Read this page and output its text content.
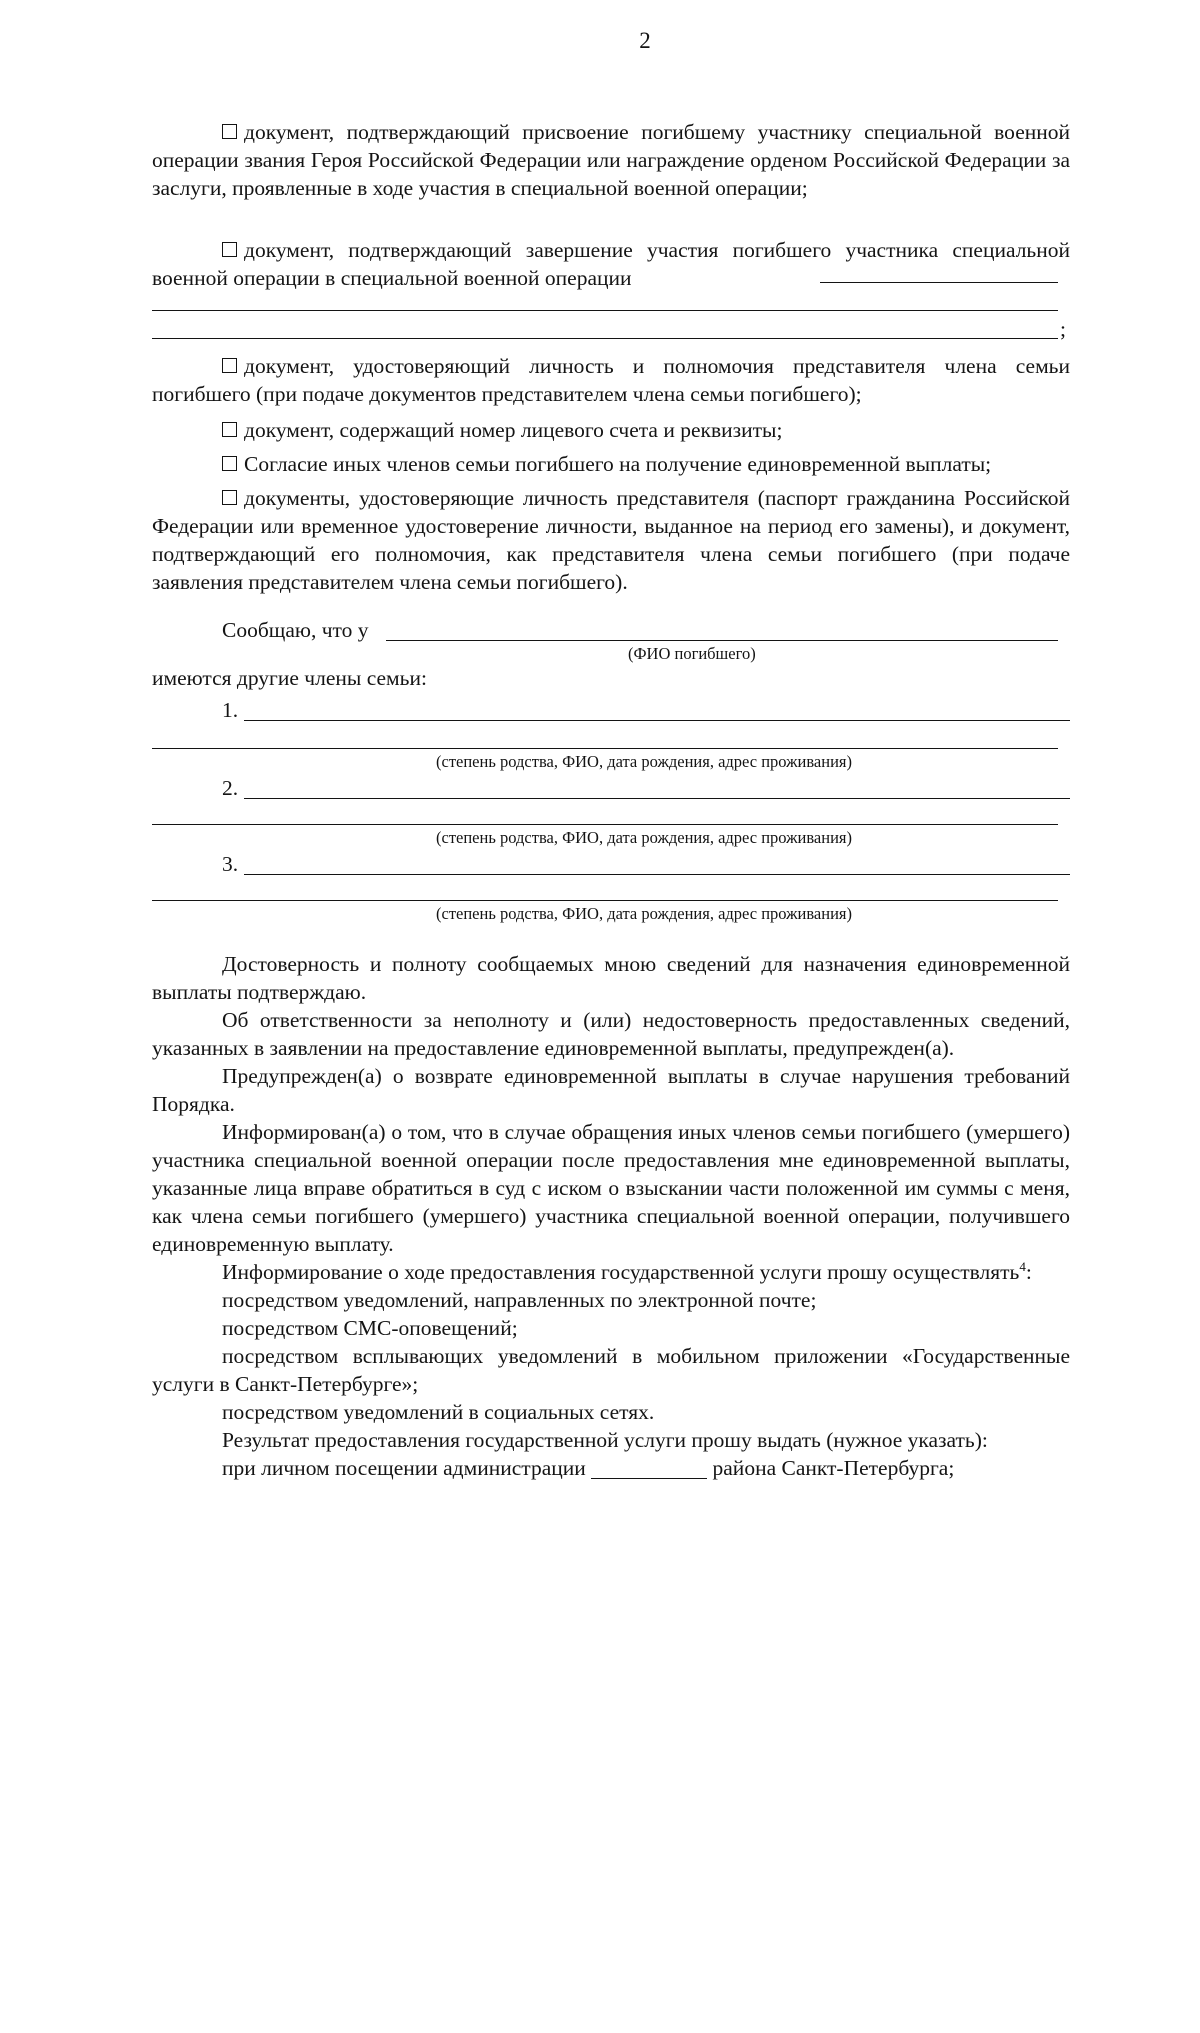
2
документ, подтверждающий присвоение погибшему участнику специальной военной операции звания Героя Российской Федерации или награждение орденом Российской Федерации за заслуги, проявленные в ходе участия в специальной военной операции;
документ, подтверждающий завершение участия погибшего участника специальной военной операции в специальной военной операции
;
документ, удостоверяющий личность и полномочия представителя члена семьи погибшего (при подаче документов представителем члена семьи погибшего);
документ, содержащий номер лицевого счета и реквизиты;
Согласие иных членов семьи погибшего на получение единовременной выплаты;
документы, удостоверяющие личность представителя (паспорт гражданина Российской Федерации или временное удостоверение личности, выданное на период его замены), и документ, подтверждающий его полномочия, как представителя члена семьи погибшего (при подаче заявления представителем члена семьи погибшего).
Сообщаю, что у
(ФИО погибшего)
имеются другие члены семьи:
1.
(степень родства, ФИО, дата рождения, адрес проживания)
2.
(степень родства, ФИО, дата рождения, адрес проживания)
3.
(степень родства, ФИО, дата рождения, адрес проживания)

Достоверность и полноту сообщаемых мною сведений для назначения единовременной выплаты подтверждаю.

Об ответственности за неполноту и (или) недостоверность предоставленных сведений, указанных в заявлении на предоставление единовременной выплаты, предупрежден(а).

Предупрежден(а) о возврате единовременной выплаты в случае нарушения требований Порядка.

Информирован(а) о том, что в случае обращения иных членов семьи погибшего (умершего) участника специальной военной операции после предоставления мне единовременной выплаты, указанные лица вправе обратиться в суд с иском о взыскании части положенной им суммы с меня, как члена семьи погибшего (умершего) участника специальной военной операции, получившего единовременную выплату.

Информирование о ходе предоставления государственной услуги прошу осуществлять$^4$:

посредством уведомлений, направленных по электронной почте;

посредством СМС-оповещений;

посредством всплывающих уведомлений в мобильном приложении «Государственные услуги в Санкт-Петербурге»;

посредством уведомлений в социальных сетях.

Результат предоставления государственной услуги прошу выдать (нужное указать):

при личном посещении администрации	района Санкт-Петербурга;
